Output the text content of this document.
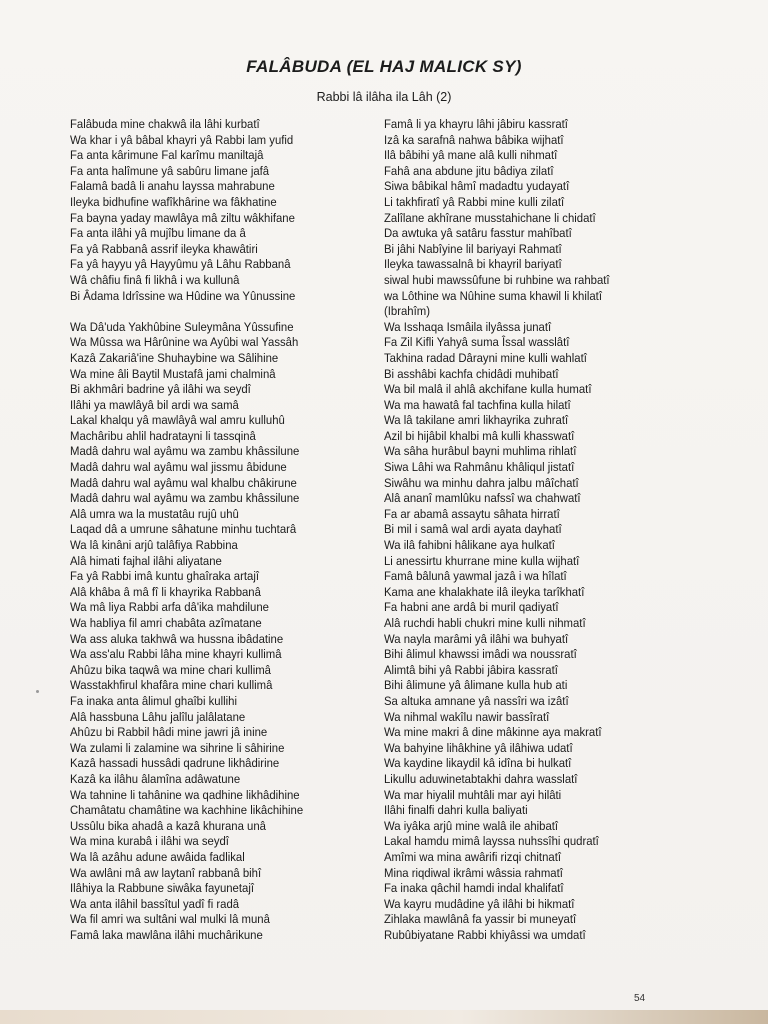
FALÂBUDA (EL HAJ MALICK SY)

Rabbi lâ ilâha ila Lâh (2)

Falâbuda mine chakwâ ila lâhi kurbatî
Wa khar i yâ bâbal khayri yâ Rabbi lam yufid
Fa anta kârimune Fal karîmu maniltajâ
Fa anta halîmune yâ sabûru limane jafâ
Falamâ badâ li anahu layssa mahrabune
Ileyka bidhufine wafîkhârine wa fâkhatine
Fa bayna yaday mawlâya mâ ziltu wâkhifane
Fa anta ilâhi yâ mujîbu limane da â
Fa yâ Rabbanâ assrif ileyka khawâtiri
Fa yâ hayyu yâ Hayyûmu yâ Lâhu Rabbanâ
Wâ châfiu finâ fi likhâ i wa kullunâ
Bi Âdama Idrîssine wa Hûdine wa Yûnussine
Wa Dâ'uda Yakhûbine Suleymâna Yûssufine
Wa Mûssa wa Hârûnine wa Ayûbi wal Yassâh
Kazâ Zakariâ'ine Shuhaybine wa Sâlihine
Wa mine âli Baytil Mustafâ jami chalminâ
Bi akhmâri badrine yâ ilâhi wa seydî
Ilâhi ya mawlâyâ bil ardi wa samâ
Lakal khalqu yâ mawlâyâ wal amru kulluhû
Machâribu ahlil hadratayni li tassqinâ
Madâ dahru wal ayâmu wa zambu khâssilune
Madâ dahru wal ayâmu wal jissmu âbidune
Madâ dahru wal ayâmu wal khalbu châkirune
Madâ dahru wal ayâmu wa zambu khâssilune
Alâ umra wa la mustatâu rujû uhû
Laqad dâ a umrune sâhatune minhu tuchtarâ
Wa lâ kinâni arjû talâfiya Rabbina
Alâ himati fajhal ilâhi aliyatane
Fa yâ Rabbi imâ kuntu ghaîraka artajî
Alâ khâba â mâ fî li khayrika Rabbanâ
Wa mâ liya Rabbi arfa dâ'ika mahdilune
Wa habliya fil amri chabâta azîmatane
Wa ass aluka takhwâ wa hussna ibâdatine
Wa ass'alu Rabbi lâha mine khayri kullimâ
Ahûzu bika taqwâ wa mine chari kullimâ
Wasstakhfirul khafâra mine chari kullimâ
Fa inaka anta âlimul ghaîbi kullihi
Alâ hassbuna Lâhu jalîlu jalâlatane
Ahûzu bi Rabbil hâdi mine jawri jâ inine
Wa zulami li zalamine wa sihrine li sâhirine
Kazâ hassadi hussâdi qadrune likhâdirine
Kazâ ka ilâhu âlamîna adâwatune
Wa tahnine li tahânine wa qadhine likhâdihine
Chamâtatu chamâtine wa kachhine likâchihine
Ussûlu bika ahadâ a kazâ khurana unâ
Wa mina kurabâ i ilâhi wa seydî
Wa lâ azâhu adune awâida fadlikal
Wa awlâni mâ aw laytanî rabbanâ bihî
Ilâhiya la Rabbune siwâka fayunetajî
Wa anta ilâhil bassîtul yadî fi radâ
Wa fil amri wa sultâni wal mulki lâ munâ
Famâ laka mawlâna ilâhi muchârikune
Famâ li ya khayru lâhi jâbiru kassratî
Izâ ka sarafnâ nahwa bâbika wijhatî
Ilâ bâbihi yâ mane alâ kulli nihmatî
Fahâ ana abdune jitu bâdiya zilatî
Siwa bâbikal hâmî madadtu yudayatî
Li takhfiratî yâ Rabbi mine kulli zilatî
Zalîlane akhîrane musstahichane li chidatî
Da awtuka yâ satâru fasstur mahîbatî
Bi jâhi Nabîyine lil bariyayi Rahmatî
Ileyka tawassalnâ bi khayril bariyatî
siwal hubi mawssûfune bi ruhbine wa rahbatî
wa Lôthine wa Nûhine suma khawil li khilatî
(Ibrahîm)
Wa Isshaqa Ismâila ilyâssa junatî
Fa Zil Kifli Yahyâ suma Îssal wasslâtî
Takhina radad Dârayni mine kulli wahlatî
Bi asshâbi kachfa chidâdi muhibatî
Wa bil malâ il ahlâ akchifane kulla humatî
Wa ma hawatâ fal tachfina kulla hilatî
Wa lâ takilane amri likhayrika zuhratî
Azil bi hijâbil khalbi mâ kulli khasswatî
Wa sâha hurâbul bayni muhlima rihlatî
Siwa Lâhi wa Rahmânu khâliqul jistatî
Siwâhu wa minhu dahra jalbu mâîchatî
Alâ ananî mamlûku nafssî wa chahwatî
Fa ar abamâ assaytu sâhata hirratî
Bi mil i samâ wal ardi ayata dayhatî
Wa ilâ fahibni hâlikane aya hulkatî
Li anessirtu khurrane mine kulla wijhatî
Famâ bâlunâ yawmal jazâ i wa hîlatî
Kama ane khalakhate ilâ ileyka tarîkhatî
Fa habni ane ardâ bi muril qadiyatî
Alâ ruchdi habli chukri mine kulli nihmatî
Wa nayla marâmi yâ ilâhi wa buhyatî
Bihi âlimul khawssi imâdi wa noussratî
Alimtâ bihi yâ Rabbi jâbira kassratî
Bihi âlimune yâ âlimane kulla hub ati
Sa altuka amnane yâ nassîri wa izâtî
Wa nihmal wakîlu nawir bassîratî
Wa mine makri â dine mâkinne aya makratî
Wa bahyine lihâkhine yâ ilâhiwa udatî
Wa kaydine likaydil kâ idîna bi hulkatî
Likullu aduwinetabtakhi dahra wasslatî
Wa mar hiyalil muhtâli mar ayi hilâti
Ilâhi finalfi dahri kulla baliyati
Wa iyâka arjû mine walâ ile ahibatî
Lakal hamdu mimâ layssa nuhssîhi qudratî
Amîmi wa mina awârifi rizqi chitnatî
Mina riqdiwal ikrâmi wâssia rahmatî
Fa inaka qâchil hamdi indal khalifatî
Wa kayru mudâdine yâ ilâhi bi hikmatî
Zihlaka mawlânâ fa yassir bi muneyatî
Rubûbiyatane Rabbi khiyâssi wa umdatî
54
